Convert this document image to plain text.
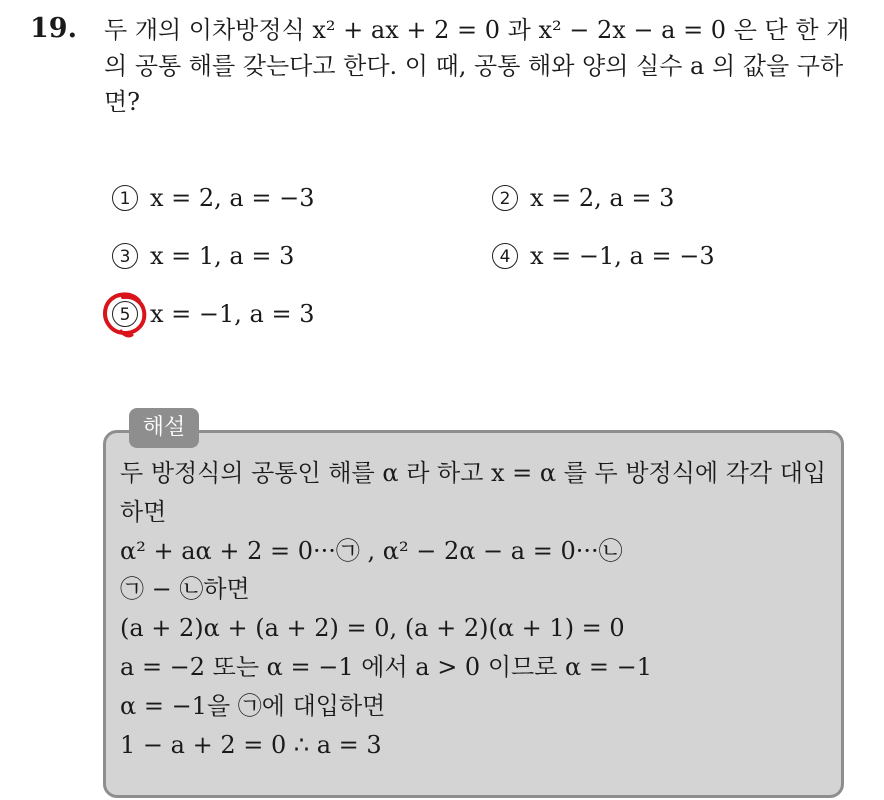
19. 두 개의 이차방정식 x² + ax + 2 = 0 과 x² − 2x − a = 0 은 단 한 개의 공통 해를 갖는다고 한다. 이 때, 공통 해와 양의 실수 a 의 값을 구하면?
1 x = 2, a = −3	2 x = 2, a = 3
3 x = 1, a = 3	4 x = −1, a = −3
5 x = −1, a = 3
해설
두 방정식의 공통인 해를 α 라 하고 x = α 를 두 방정식에 각각 대입하면
α² + aα + 2 = 0···㉠ , α² − 2α − a = 0···㉡
㉠ − ㉡하면
(a + 2)α + (a + 2) = 0, (a + 2)(α + 1) = 0
a = −2 또는 α = −1 에서 a > 0 이므로 α = −1
α = −1을 ㉠에 대입하면
1 − a + 2 = 0 ∴ a = 3
